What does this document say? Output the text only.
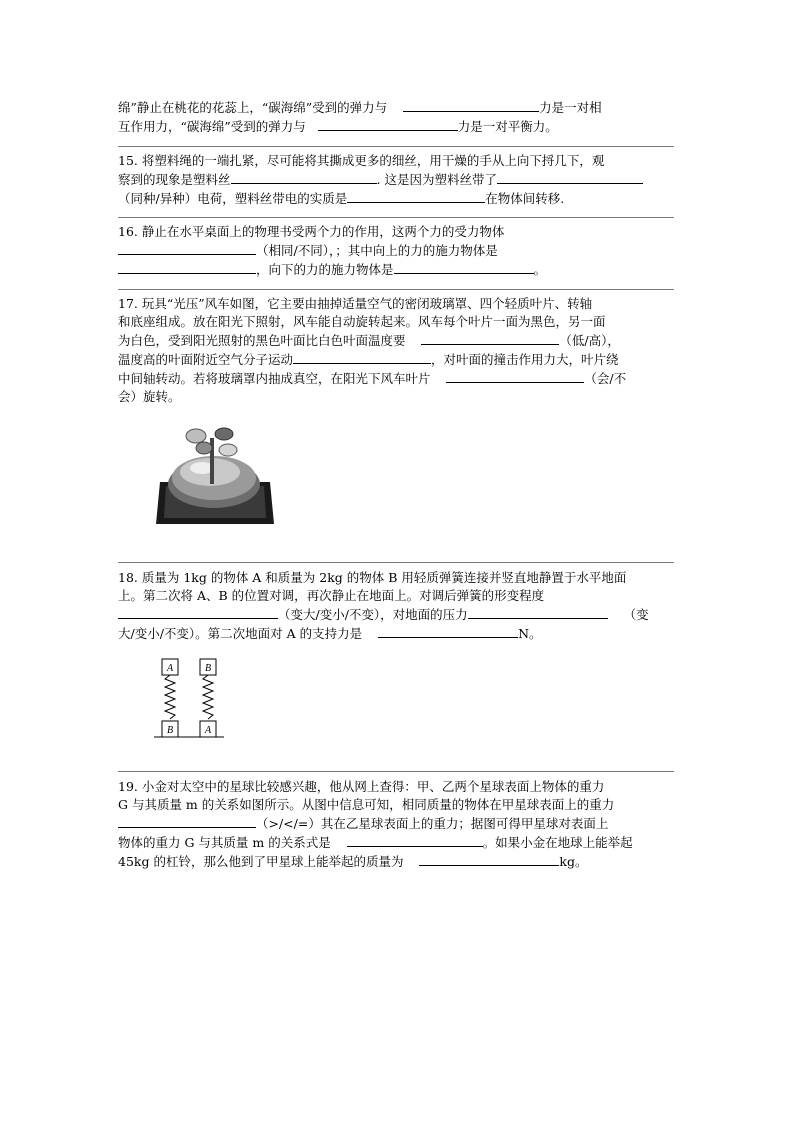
绵”静止在桃花的花蕊上，“碳海绵”受到的弹力与	力是一对相
互作用力，“碳海绵”受到的弹力与	力是一对平衡力。
15. 将塑料绳的一端扎紧，尽可能将其撕成更多的细丝，用干燥的手从上向下捋几下，观
察到的现象是塑料丝	. 这是因为塑料丝带了
（同种/异种）电荷，塑料丝带电的实质是	在物体间转移.
16. 静止在水平桌面上的物理书受两个力的作用，这两个力的受力物体
（相同/不同），；其中向上的力的施力物体是
，向下的力的施力物体是	。
17. 玩具“光压”风车如图，它主要由抽掉适量空气的密闭玻璃罩、四个轻质叶片、转轴
和底座组成。放在阳光下照射，风车能自动旋转起来。风车每个叶片一面为黑色，另一面
为白色，受到阳光照射的黑色叶面比白色叶面温度要	（低/高），
温度高的叶面附近空气分子运动	，对叶面的撞击作用力大，叶片绕
中间轴转动。若将玻璃罩内抽成真空，在阳光下风车叶片	（会/不
会）旋转。
18. 质量为 1kg 的物体 A 和质量为 2kg 的物体 B 用轻质弹簧连接并竖直地静置于水平地面
上。第二次将 A、B 的位置对调，再次静止在地面上。对调后弹簧的形变程度
（变大/变小/不变），对地面的压力	（变
大/变小/不变）。第二次地面对 A 的支持力是	N。
A
B
B
A
19. 小金对太空中的星球比较感兴趣，他从网上查得：甲、乙两个星球表面上物体的重力
G 与其质量 m 的关系如图所示。从图中信息可知，相同质量的物体在甲星球表面上的重力
（>/</=）其在乙星球表面上的重力；据图可得甲星球对表面上
物体的重力 G 与其质量 m 的关系式是	。如果小金在地球上能举起
45kg 的杠铃，那么他到了甲星球上能举起的质量为	kg。
